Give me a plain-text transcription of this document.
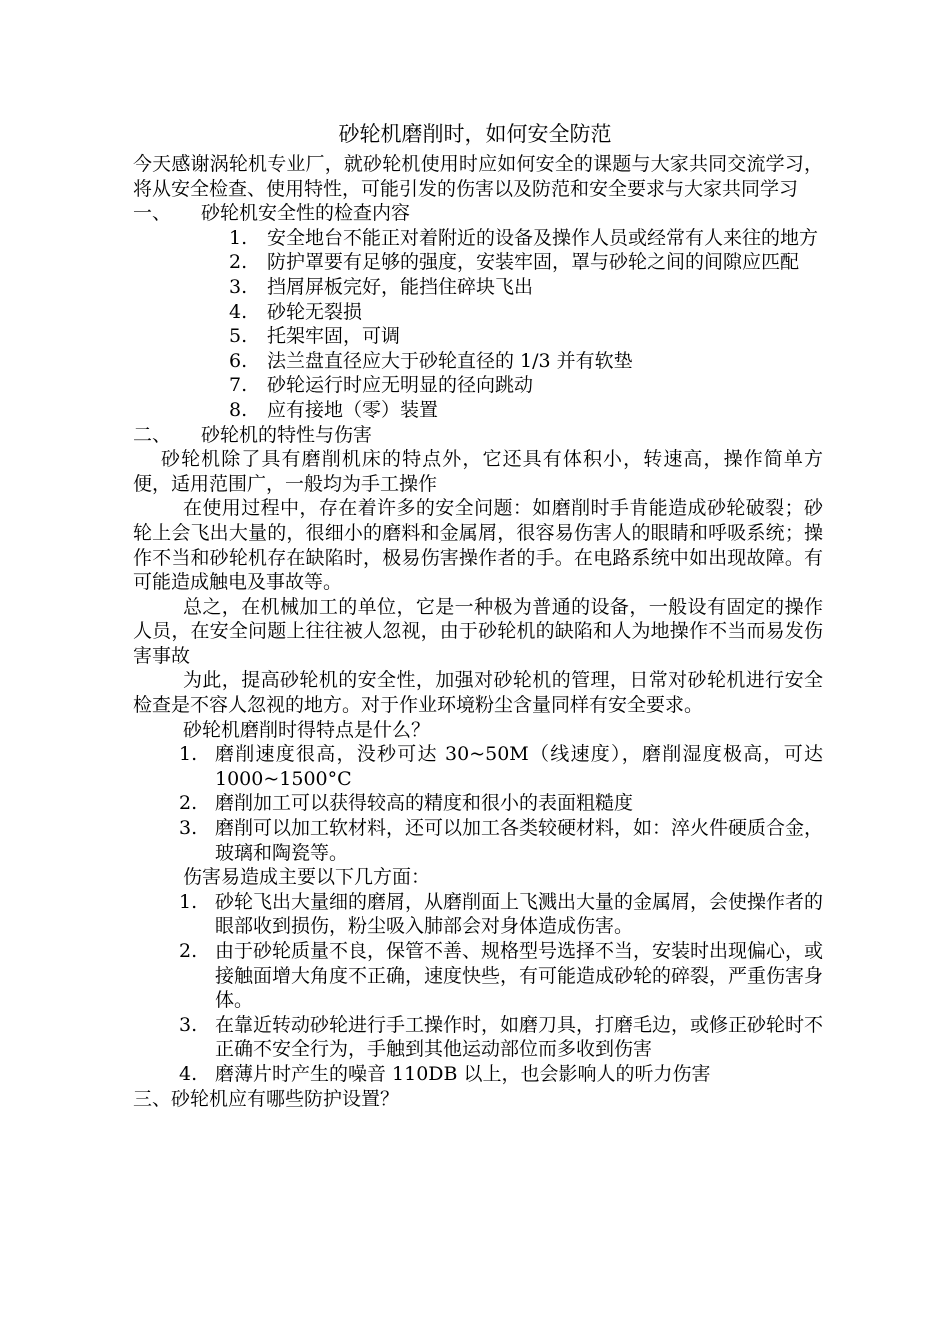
砂轮机磨削时，如何安全防范

今天感谢涡轮机专业厂，就砂轮机使用时应如何安全的课题与大家共同交流学习，将从安全检查、使用特性，可能引发的伤害以及防范和安全要求与大家共同学习

一、	砂轮机安全性的检查内容
1.	安全地台不能正对着附近的设备及操作人员或经常有人来往的地方
2.	防护罩要有足够的强度，安装牢固，罩与砂轮之间的间隙应匹配
3.	挡屑屏板完好，能挡住碎块飞出
4.	砂轮无裂损
5.	托架牢固，可调
6.	法兰盘直径应大于砂轮直径的 1/3 并有软垫
7.	砂轮运行时应无明显的径向跳动
8.	应有接地（零）装置
二、	砂轮机的特性与伤害

砂轮机除了具有磨削机床的特点外，它还具有体积小，转速高，操作简单方便，适用范围广，一般均为手工操作

在使用过程中，存在着许多的安全问题：如磨削时手肯能造成砂轮破裂；砂轮上会飞出大量的，很细小的磨料和金属屑，很容易伤害人的眼睛和呼吸系统；操作不当和砂轮机存在缺陷时，极易伤害操作者的手。在电路系统中如出现故障。有可能造成触电及事故等。

总之，在机械加工的单位，它是一种极为普通的设备，一般设有固定的操作人员，在安全问题上往往被人忽视，由于砂轮机的缺陷和人为地操作不当而易发伤害事故

为此，提高砂轮机的安全性，加强对砂轮机的管理，日常对砂轮机进行安全检查是不容人忽视的地方。对于作业环境粉尘含量同样有安全要求。

砂轮机磨削时得特点是什么？

1. 磨削速度很高，没秒可达 30~50M（线速度），磨削湿度极高，可达 1000~1500°C
2. 磨削加工可以获得较高的精度和很小的表面粗糙度
3. 磨削可以加工软材料，还可以加工各类较硬材料，如：淬火件硬质合金，玻璃和陶瓷等。

伤害易造成主要以下几方面：

1. 砂轮飞出大量细的磨屑，从磨削面上飞溅出大量的金属屑，会使操作者的眼部收到损伤，粉尘吸入肺部会对身体造成伤害。
2. 由于砂轮质量不良，保管不善、规格型号选择不当，安装时出现偏心，或接触面增大角度不正确，速度快些，有可能造成砂轮的碎裂，严重伤害身体。
3. 在靠近转动砂轮进行手工操作时，如磨刀具，打磨毛边，或修正砂轮时不正确不安全行为，手触到其他运动部位而多收到伤害
4. 磨薄片时产生的噪音 110DB 以上，也会影响人的听力伤害

三、砂轮机应有哪些防护设置？
